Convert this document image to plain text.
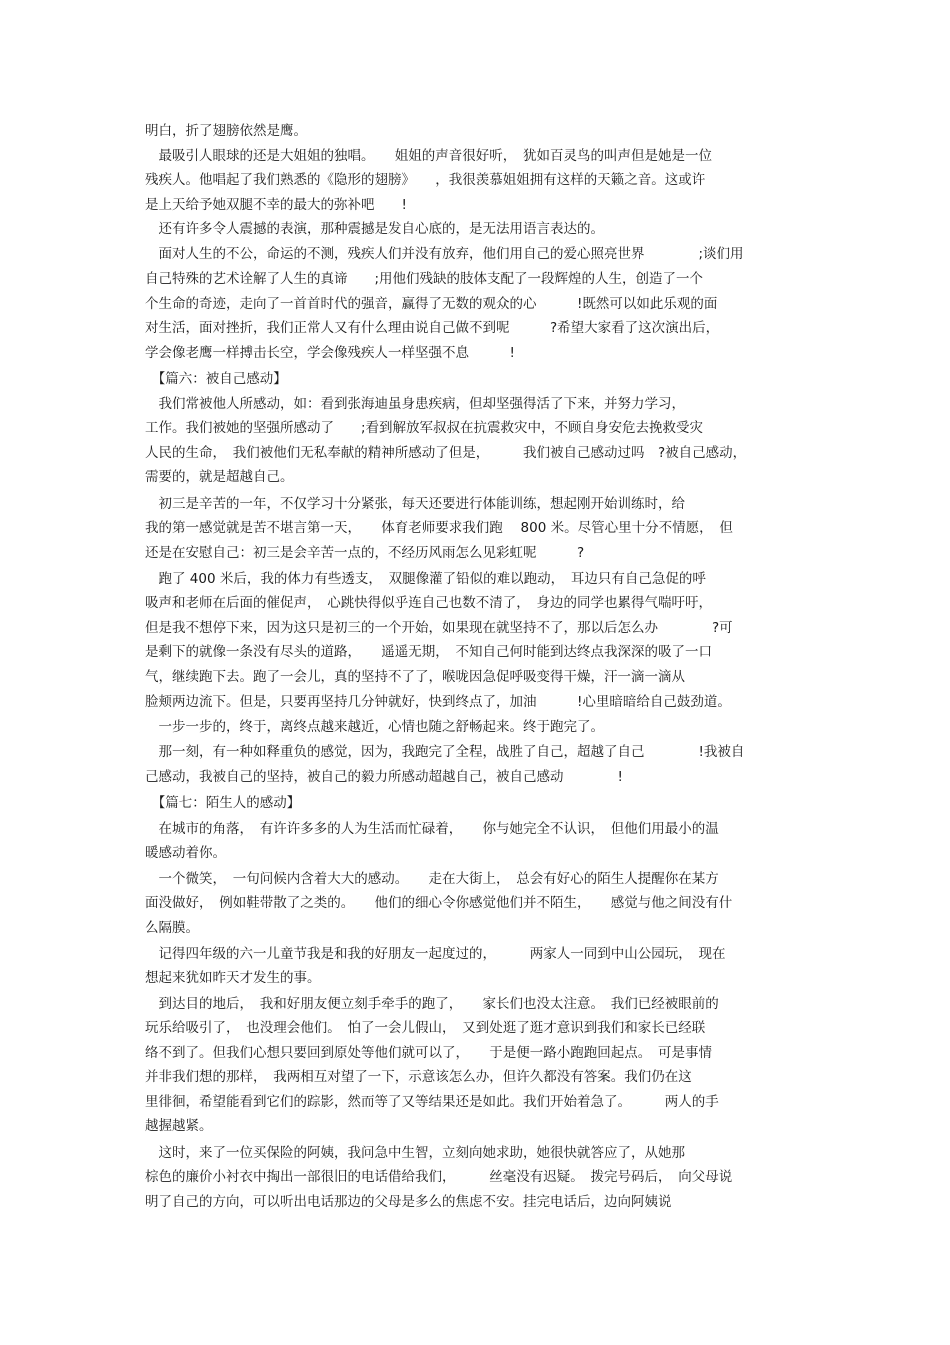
明白，折了翅膀依然是鹰。

　最吸引人眼球的还是大姐姐的独唱。　　姐姐的声音很好听，　犹如百灵鸟的叫声但是她是一位

残疾人。他唱起了我们熟悉的《隐形的翅膀》　　，我很羡慕姐姐拥有这样的天籁之音。这或许

是上天给予她双腿不幸的最大的弥补吧　　!

　还有许多令人震撼的表演，那种震撼是发自心底的，是无法用语言表达的。

　面对人生的不公，命运的不测，残疾人们并没有放弃，他们用自己的爱心照亮世界　　　　;谈们用

自己特殊的艺术诠解了人生的真谛　　;用他们残缺的肢体支配了一段辉煌的人生，创造了一个

个生命的奇迹，走向了一首首时代的强音，赢得了无数的观众的心　　　!既然可以如此乐观的面

对生活，面对挫折，我们正常人又有什么理由说自己做不到呢　　　?希望大家看了这次演出后，

学会像老鹰一样搏击长空，学会像残疾人一样坚强不息　　　!

　【篇六：被自己感动】

　我们常被他人所感动，如：看到张海迪虽身患疾病，但却坚强得活了下来，并努力学习，

工作。我们被她的坚强所感动了　　;看到解放军叔叔在抗震救灾中，不顾自身安危去挽救受灾

人民的生命，　我们被他们无私奉献的精神所感动了但是，　　　我们被自己感动过吗　?被自己感动，

需要的，就是超越自己。

　初三是辛苦的一年，不仅学习十分紧张，每天还要进行体能训练，想起刚开始训练时，给

我的第一感觉就是苦不堪言第一天，　　体育老师要求我们跑　 800 米。尽管心里十分不情愿，　但

还是在安慰自己：初三是会辛苦一点的，不经历风雨怎么见彩虹呢　　　?

　跑了 400 米后，我的体力有些透支，　双腿像灌了铅似的难以跑动，　耳边只有自己急促的呼

吸声和老师在后面的催促声，　心跳快得似乎连自己也数不清了，　身边的同学也累得气喘吁吁，

但是我不想停下来，因为这只是初三的一个开始，如果现在就坚持不了，那以后怎么办　　　　?可

是剩下的就像一条没有尽头的道路，　　遥遥无期，　不知自己何时能到达终点我深深的吸了一口

气，继续跑下去。跑了一会儿，真的坚持不了了，喉咙因急促呼吸变得干燥，汗一滴一滴从

脸颊两边流下。但是，只要再坚持几分钟就好，快到终点了，加油　　　!心里暗暗给自己鼓劲道。

　一步一步的，终于，离终点越来越近，心情也随之舒畅起来。终于跑完了。

　那一刻，有一种如释重负的感觉，因为，我跑完了全程，战胜了自己，超越了自己　　　　!我被自

己感动，我被自己的坚持，被自己的毅力所感动超越自己，被自己感动　　　　!

　【篇七：陌生人的感动】

　在城市的角落，　有许许多多的人为生活而忙碌着，　　你与她完全不认识，　但他们用最小的温

暖感动着你。

　一个微笑，　一句问候内含着大大的感动。　　走在大街上，　总会有好心的陌生人提醒你在某方

面没做好，　例如鞋带散了之类的。　　他们的细心令你感觉他们并不陌生，　　感觉与他之间没有什

么隔膜。

　记得四年级的六一儿童节我是和我的好朋友一起度过的，　　　两家人一同到中山公园玩，　现在

想起来犹如昨天才发生的事。

　到达目的地后，　我和好朋友便立刻手牵手的跑了，　　家长们也没太注意。　我们已经被眼前的

玩乐给吸引了，　也没理会他们。　怕了一会儿假山，　又到处逛了逛才意识到我们和家长已经联

络不到了。但我们心想只要回到原处等他们就可以了，　　于是便一路小跑跑回起点。　可是事情

并非我们想的那样，　我两相互对望了一下，示意该怎么办，但许久都没有答案。我们仍在这

里徘徊，希望能看到它们的踪影，然而等了又等结果还是如此。我们开始着急了。　　　两人的手

越握越紧。

　这时，来了一位买保险的阿姨，我问急中生智，立刻向她求助，她很快就答应了，从她那

棕色的廉价小衬衣中掏出一部很旧的电话借给我们，　　　丝毫没有迟疑。　拨完号码后，　向父母说

明了自己的方向，可以听出电话那边的父母是多么的焦虑不安。挂完电话后，边向阿姨说
